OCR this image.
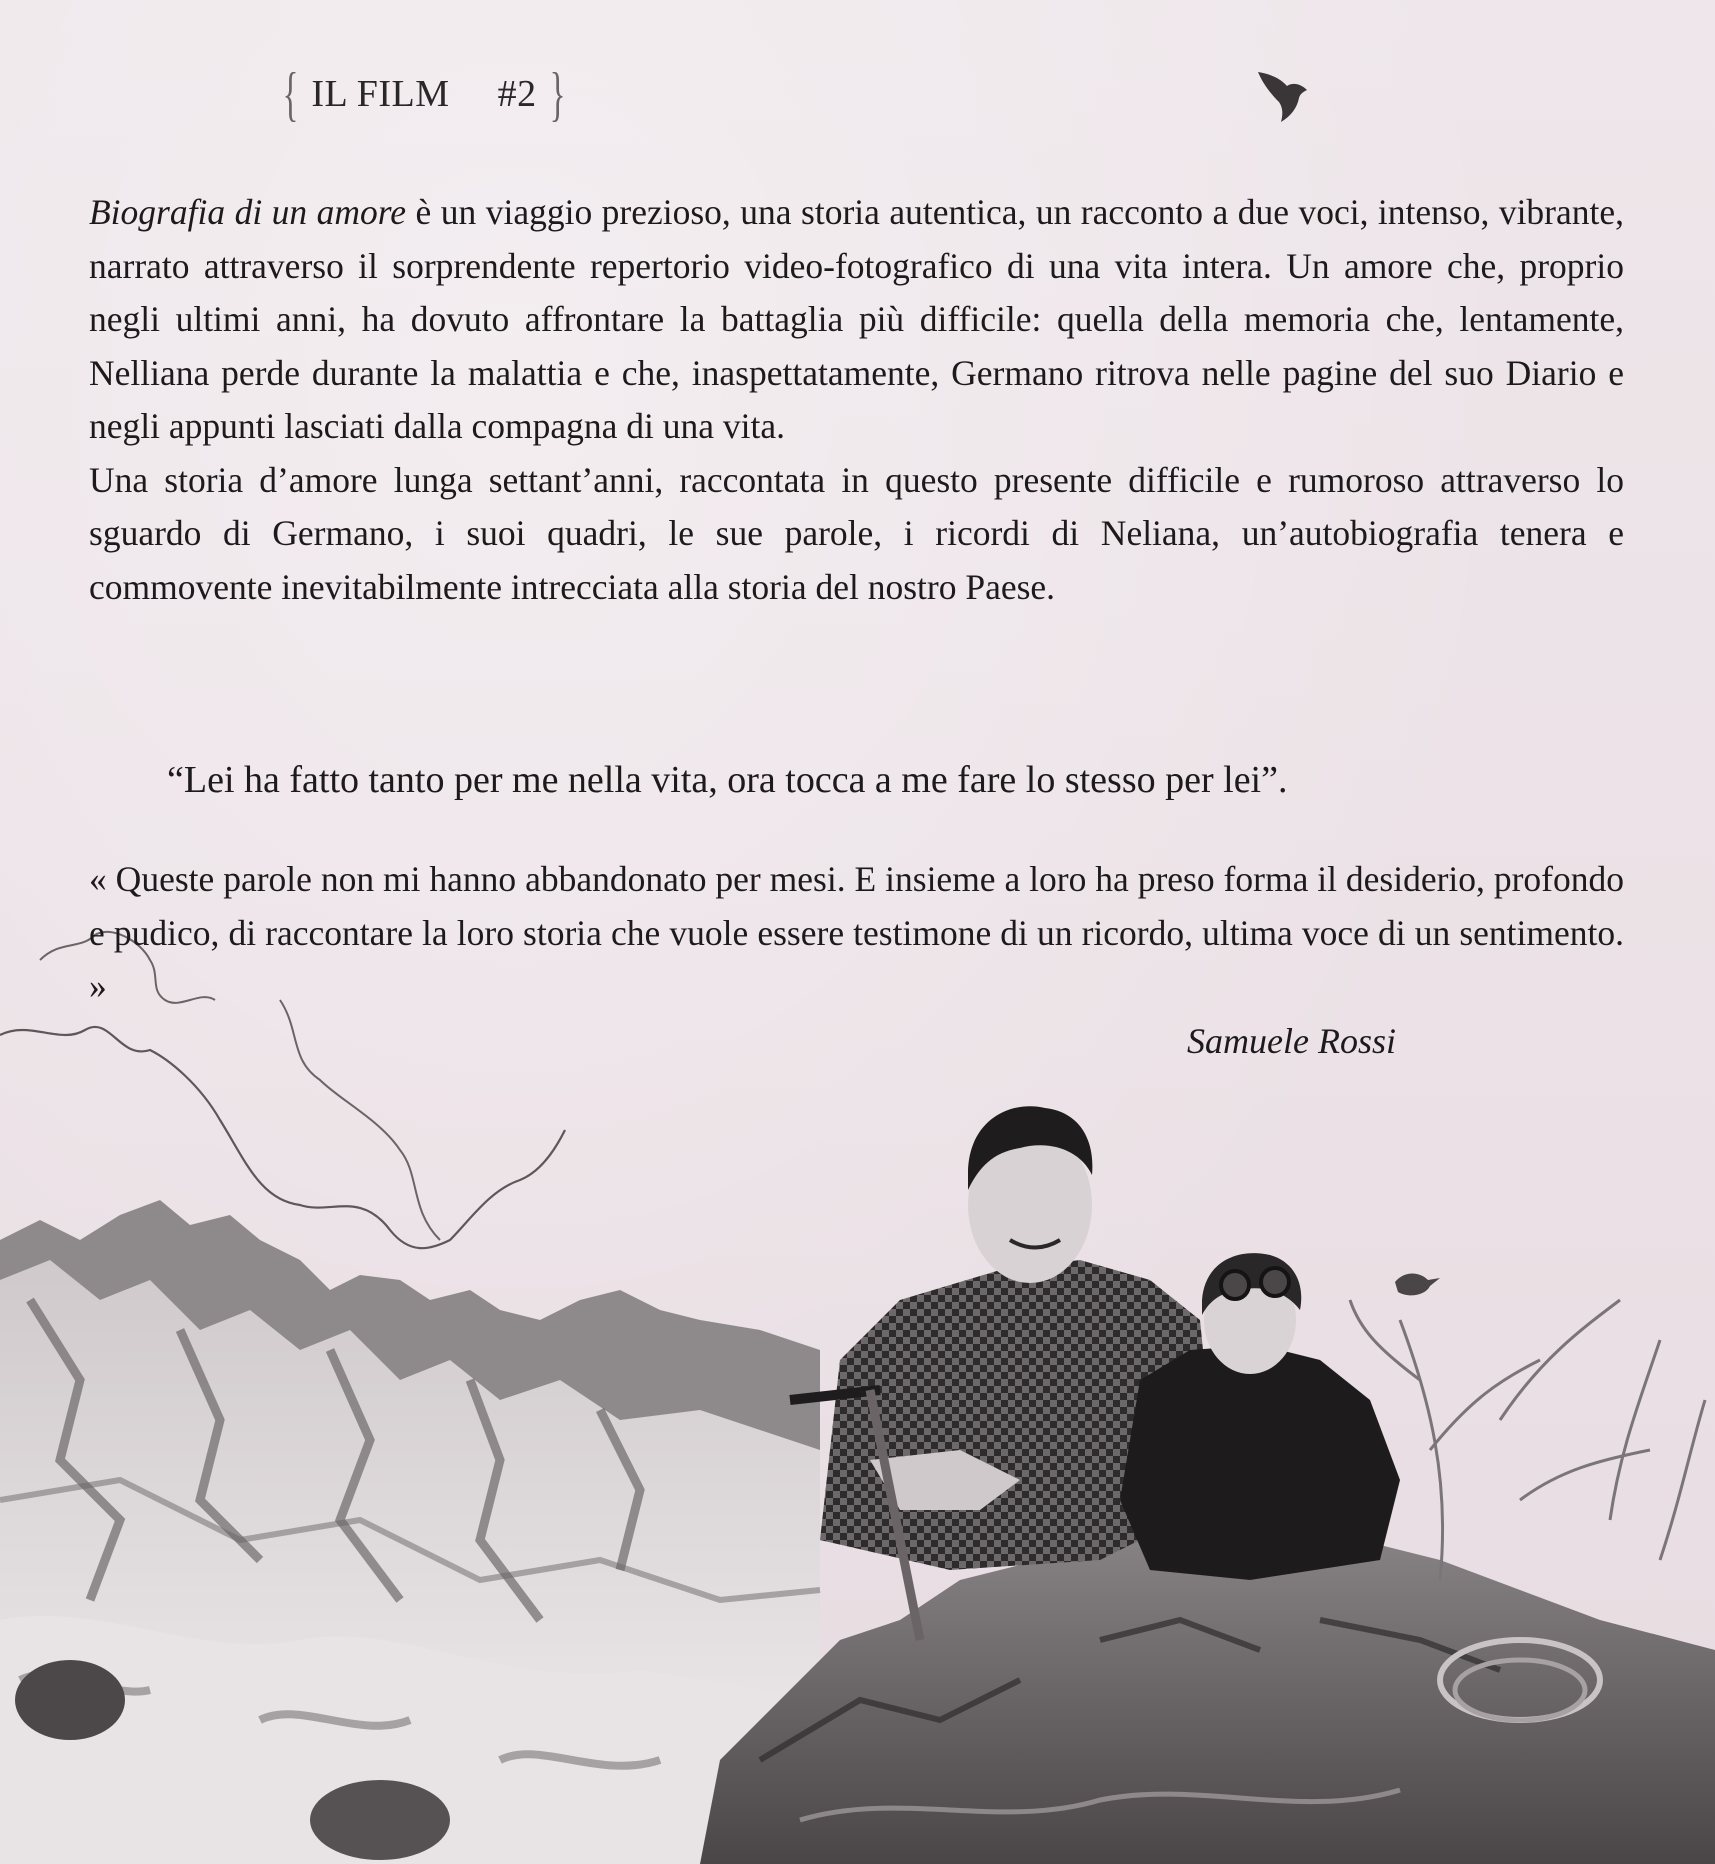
{ IL FILM #2 }

Biografia di un amore è un viaggio prezioso, una storia autentica, un racconto a due voci, intenso, vibrante, narrato attraverso il sorprendente repertorio video-fotografico di una vita intera. Un amore che, proprio negli ultimi anni, ha dovuto affrontare la battaglia più difficile: quella della memoria che, lentamente, Nelliana perde durante la malattia e che, inaspettatamente, Germano ritrova nelle pagine del suo Diario e negli appunti lasciati dalla compagna di una vita.

Una storia d’amore lunga settant’anni, raccontata in questo presente difficile e rumoroso attraverso lo sguardo di Germano, i suoi quadri, le sue parole, i ricordi di Neliana, un’autobiografia tenera e commovente inevitabilmente intrecciata alla storia del nostro Paese.

“Lei ha fatto tanto per me nella vita, ora tocca a me fare lo stesso per lei”.

« Queste parole non mi hanno abbandonato per mesi. E insieme a loro ha preso forma il desiderio, profondo e pudico, di raccontare la loro storia che vuole essere testimone di un ricordo, ultima voce di un sentimento. »

Samuele Rossi
